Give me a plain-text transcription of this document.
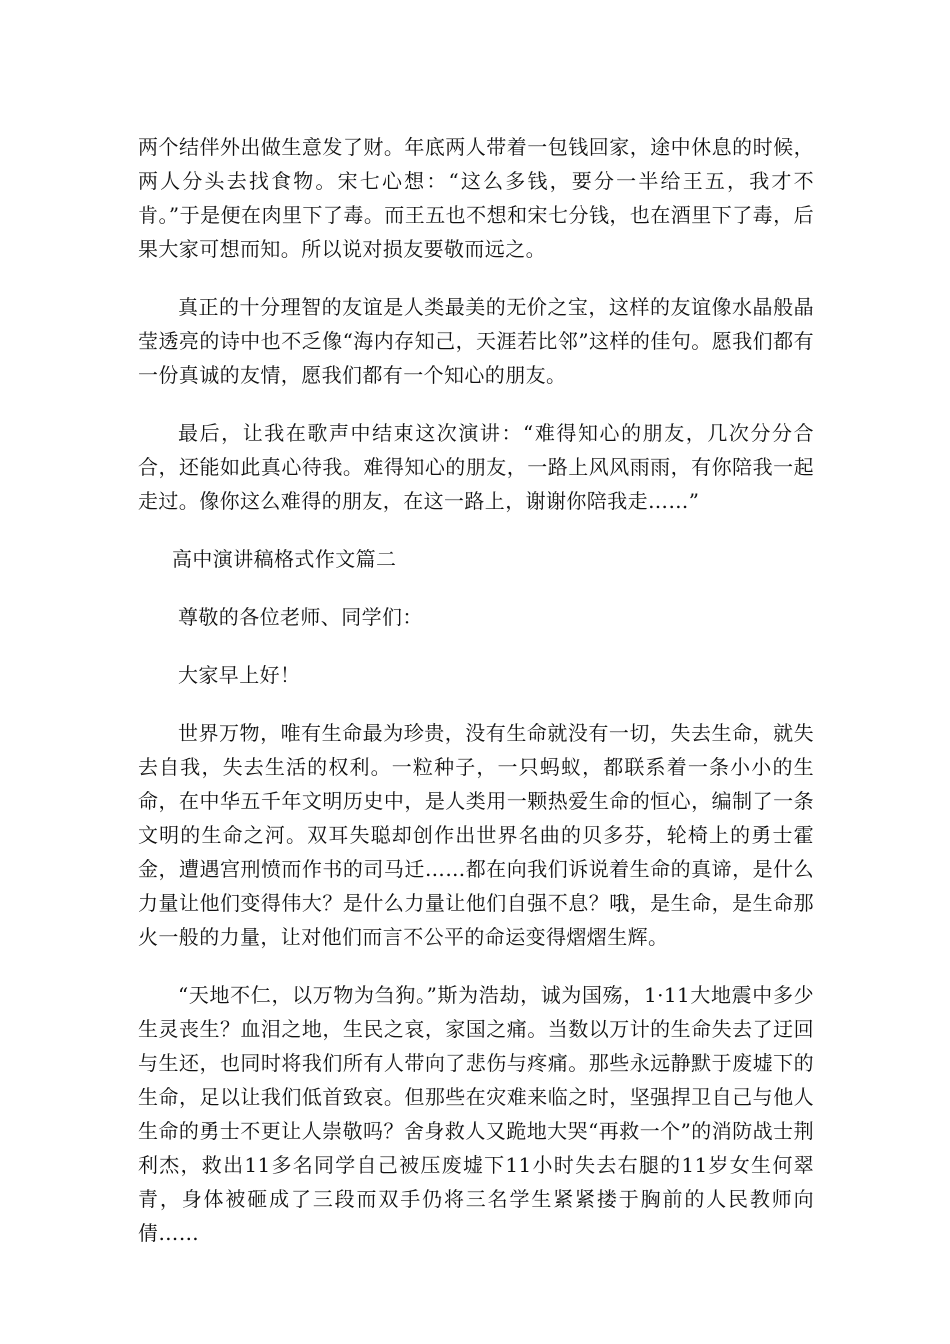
两个结伴外出做生意发了财。年底两人带着一包钱回家，途中休息的时候，两人分头去找食物。宋七心想：“这么多钱，要分一半给王五，我才不肯。”于是便在肉里下了毒。而王五也不想和宋七分钱，也在酒里下了毒，后果大家可想而知。所以说对损友要敬而远之。

真正的十分理智的友谊是人类最美的无价之宝，这样的友谊像水晶般晶莹透亮的诗中也不乏像“海内存知己，天涯若比邻”这样的佳句。愿我们都有一份真诚的友情，愿我们都有一个知心的朋友。

最后，让我在歌声中结束这次演讲：“难得知心的朋友，几次分分合合，还能如此真心待我。难得知心的朋友，一路上风风雨雨，有你陪我一起走过。像你这么难得的朋友，在这一路上，谢谢你陪我走……”

高中演讲稿格式作文篇二

尊敬的各位老师、同学们：

大家早上好！

世界万物，唯有生命最为珍贵，没有生命就没有一切，失去生命，就失去自我，失去生活的权利。一粒种子，一只蚂蚁，都联系着一条小小的生命，在中华五千年文明历史中，是人类用一颗热爱生命的恒心，编制了一条文明的生命之河。双耳失聪却创作出世界名曲的贝多芬，轮椅上的勇士霍金，遭遇宫刑愤而作书的司马迁……都在向我们诉说着生命的真谛，是什么力量让他们变得伟大？是什么力量让他们自强不息？哦，是生命，是生命那火一般的力量，让对他们而言不公平的命运变得熠熠生辉。

“天地不仁，以万物为刍狗。”斯为浩劫，诚为国殇，1·11大地震中多少生灵丧生？血泪之地，生民之哀，家国之痛。当数以万计的生命失去了迂回与生还，也同时将我们所有人带向了悲伤与疼痛。那些永远静默于废墟下的生命，足以让我们低首致哀。但那些在灾难来临之时，坚强捍卫自己与他人生命的勇士不更让人崇敬吗？舍身救人又跪地大哭“再救一个”的消防战士荆利杰，救出11多名同学自己被压废墟下11小时失去右腿的11岁女生何翠青，身体被砸成了三段而双手仍将三名学生紧紧搂于胸前的人民教师向倩……
